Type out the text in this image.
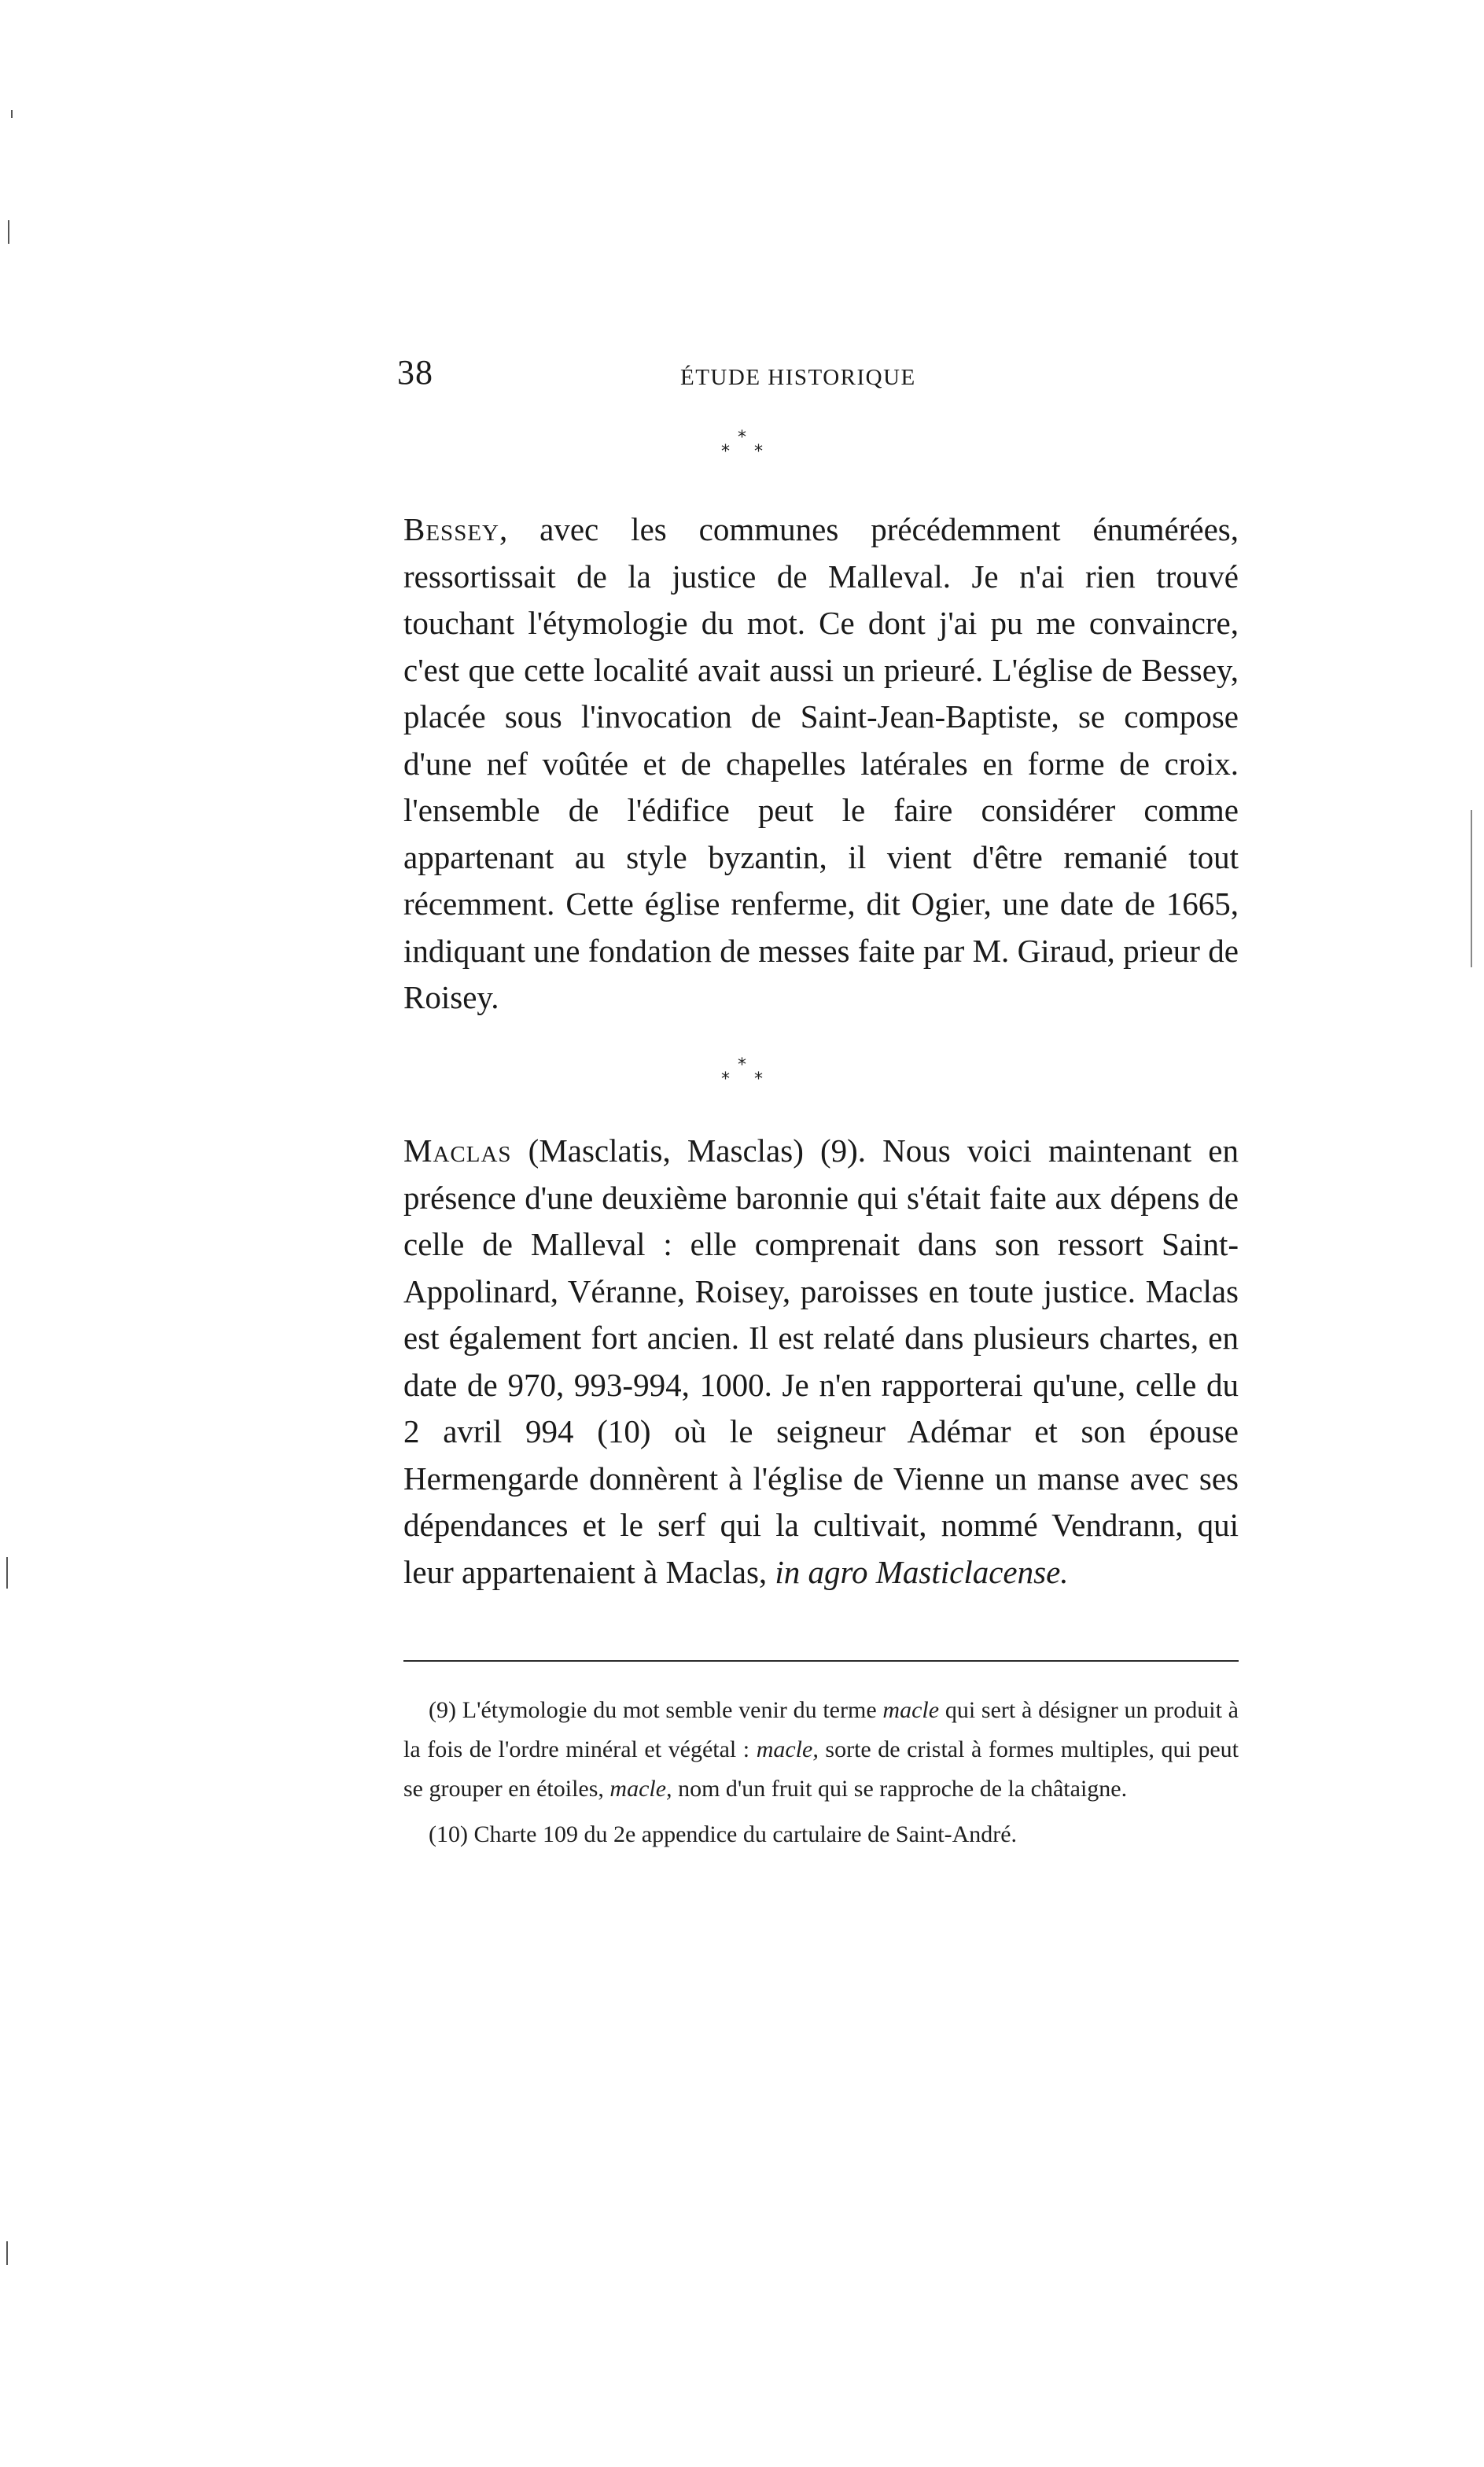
38	ÉTUDE HISTORIQUE
*
* *

Bessey, avec les communes précédemment énumérées, ressortissait de la justice de Malleval. Je n'ai rien trouvé touchant l'étymologie du mot. Ce dont j'ai pu me convaincre, c'est que cette localité avait aussi un prieuré. L'église de Bessey, placée sous l'invocation de Saint-Jean-Baptiste, se compose d'une nef voûtée et de chapelles latérales en forme de croix. l'ensemble de l'édifice peut le faire considérer comme appartenant au style byzantin, il vient d'être remanié tout récemment. Cette église renferme, dit Ogier, une date de 1665, indiquant une fondation de messes faite par M. Giraud, prieur de Roisey.

*
* *

Maclas (Masclatis, Masclas) (9). Nous voici maintenant en présence d'une deuxième baronnie qui s'était faite aux dépens de celle de Malleval : elle comprenait dans son ressort Saint-Appolinard, Véranne, Roisey, paroisses en toute justice. Maclas est également fort ancien. Il est relaté dans plusieurs chartes, en date de 970, 993-994, 1000. Je n'en rapporterai qu'une, celle du 2 avril 994 (10) où le seigneur Adémar et son épouse Hermengarde donnèrent à l'église de Vienne un manse avec ses dépendances et le serf qui la cultivait, nommé Vendrann, qui leur appartenaient à Maclas, in agro Masticlacense.

(9) L'étymologie du mot semble venir du terme macle qui sert à désigner un produit à la fois de l'ordre minéral et végétal : macle, sorte de cristal à formes multiples, qui peut se grouper en étoiles, macle, nom d'un fruit qui se rapproche de la châtaigne.

(10) Charte 109 du 2e appendice du cartulaire de Saint-André.
